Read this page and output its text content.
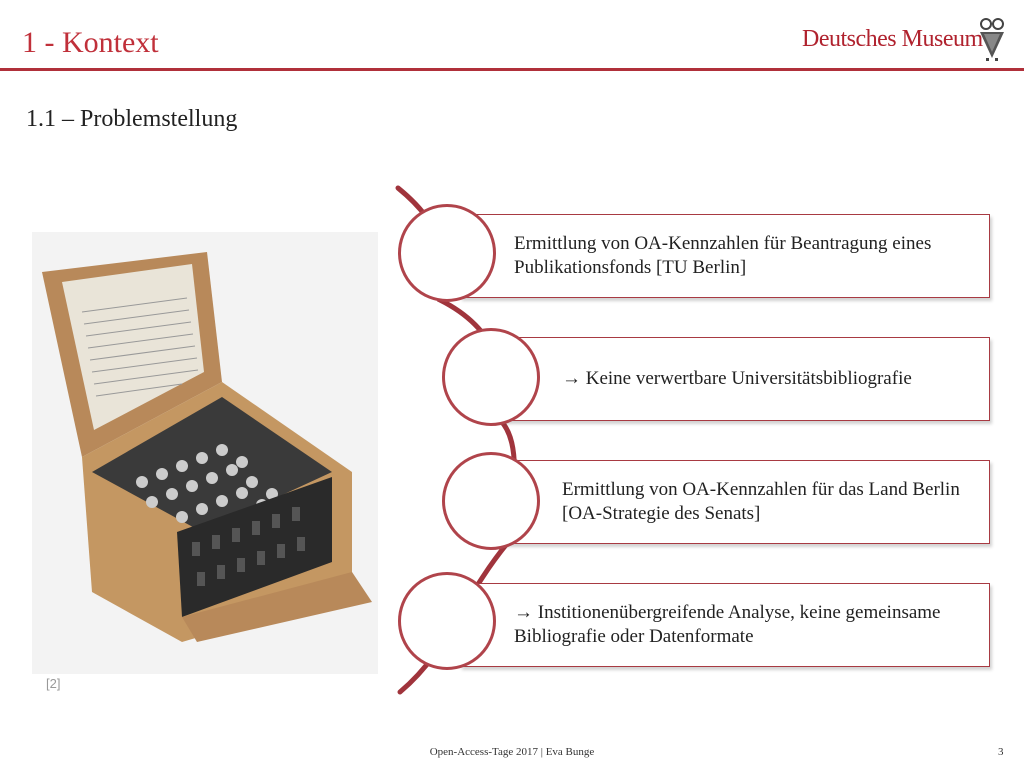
1 - Kontext	Deutsches Museum
1.1 – Problemstellung
[2]
Ermittlung von OA-Kennzahlen für Beantragung eines Publikationsfonds [TU Berlin]
→ Keine verwertbare Universitätsbibliografie
Ermittlung von OA-Kennzahlen für das Land Berlin [OA-Strategie des Senats]
→ Institionenübergreifende Analyse, keine gemeinsame Bibliografie oder Datenformate
Open-Access-Tage 2017 | Eva Bunge	3
